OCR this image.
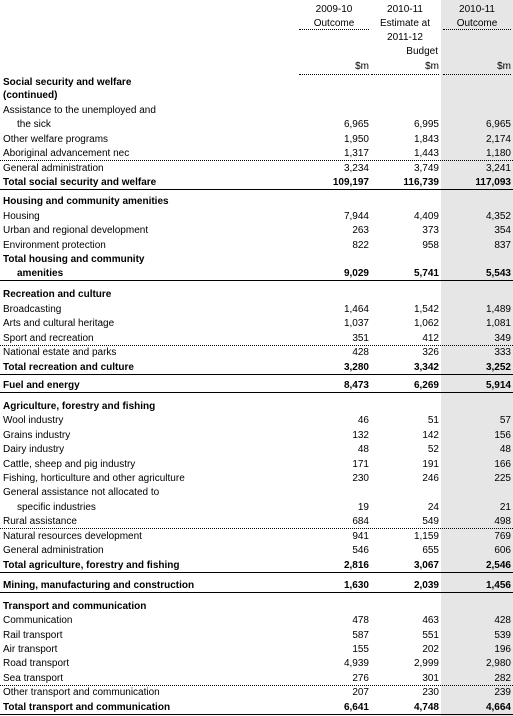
2009-10
Outcome
2010-11
Estimate at
2011-12
Budget
2010-11
Outcome
$m	$m	$m
Social security and welfare
(continued)
Assistance to the unemployed and
the sick	6,965	6,995	6,965
Other welfare programs	1,950	1,843	2,174
Aboriginal advancement nec	1,317	1,443	1,180
General administration	3,234	3,749	3,241
Total social security and welfare	109,197	116,739	117,093
Housing and community amenities
Housing	7,944	4,409	4,352
Urban and regional development	263	373	354
Environment protection	822	958	837
Total housing and community
amenities	9,029	5,741	5,543
Recreation and culture
Broadcasting	1,464	1,542	1,489
Arts and cultural heritage	1,037	1,062	1,081
Sport and recreation	351	412	349
National estate and parks	428	326	333
Total recreation and culture	3,280	3,342	3,252
Fuel and energy	8,473	6,269	5,914
Agriculture, forestry and fishing
Wool industry	46	51	57
Grains industry	132	142	156
Dairy industry	48	52	48
Cattle, sheep and pig industry	171	191	166
Fishing, horticulture and other agriculture	230	246	225
General assistance not allocated to
specific industries	19	24	21
Rural assistance	684	549	498
Natural resources development	941	1,159	769
General administration	546	655	606
Total agriculture, forestry and fishing	2,816	3,067	2,546
Mining, manufacturing and construction	1,630	2,039	1,456
Transport and communication
Communication	478	463	428
Rail transport	587	551	539
Air transport	155	202	196
Road transport	4,939	2,999	2,980
Sea transport	276	301	282
Other transport and communication	207	230	239
Total transport and communication	6,641	4,748	4,664
